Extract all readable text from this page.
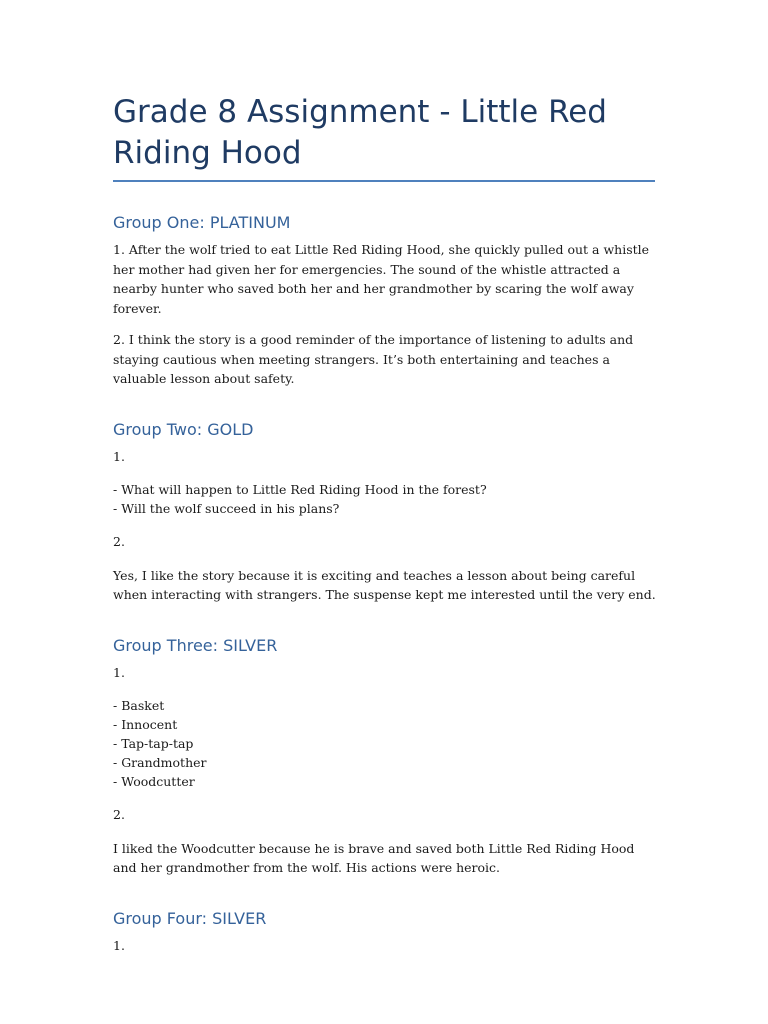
Grade 8 Assignment - Little Red Riding Hood
Group One: PLATINUM

1. After the wolf tried to eat Little Red Riding Hood, she quickly pulled out a whistle her mother had given her for emergencies. The sound of the whistle attracted a nearby hunter who saved both her and her grandmother by scaring the wolf away forever.

2. I think the story is a good reminder of the importance of listening to adults and staying cautious when meeting strangers. It’s both entertaining and teaches a valuable lesson about safety.

Group Two: GOLD

1.

- What will happen to Little Red Riding Hood in the forest?
- Will the wolf succeed in his plans?

2.

Yes, I like the story because it is exciting and teaches a lesson about being careful when interacting with strangers. The suspense kept me interested until the very end.

Group Three: SILVER

1.

- Basket
- Innocent
- Tap-tap-tap
- Grandmother
- Woodcutter

2.

I liked the Woodcutter because he is brave and saved both Little Red Riding Hood and her grandmother from the wolf. His actions were heroic.

Group Four: SILVER

1.
